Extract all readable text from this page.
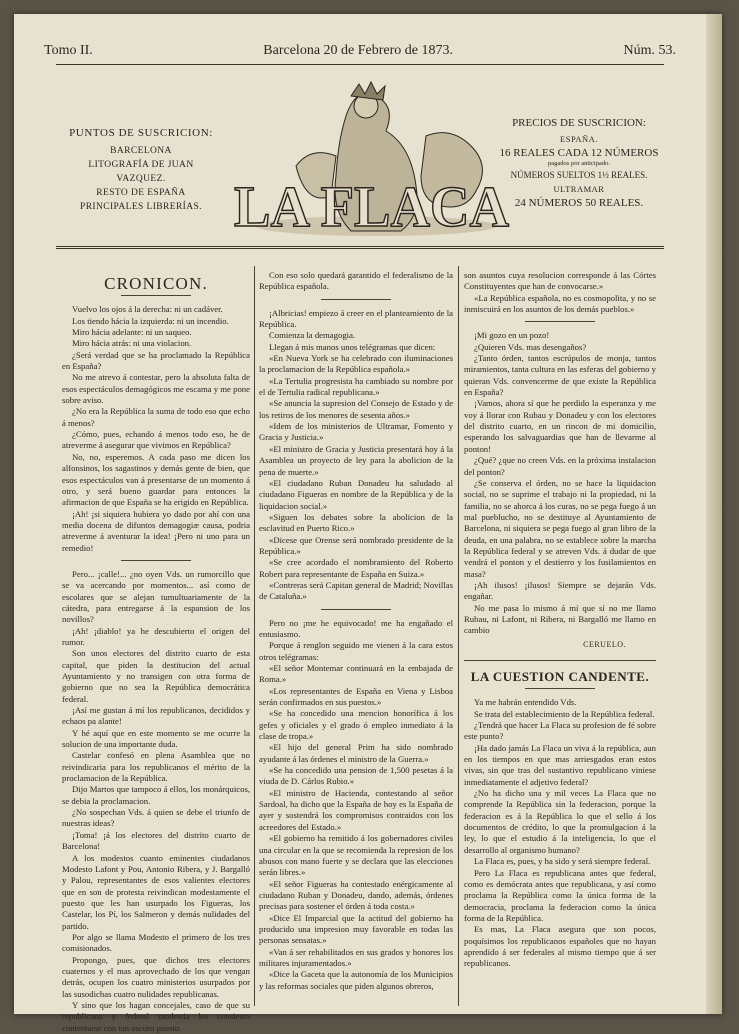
Tomo II.	Barcelona 20 de Febrero de 1873.	Núm. 53.
PUNTOS DE SUSCRICION:
BARCELONA
LITOGRAFÍA DE JUAN VAZQUEZ.
RESTO DE ESPAÑA
PRINCIPALES LIBRERÍAS. LA FLACA
PRECIOS DE SUSCRICION:
ESPAÑA.
16 REALES CADA 12 NÚMEROS
pagados por anticipado.
NÚMEROS SUELTOS 1½ REALES.
ULTRAMAR
24 NÚMEROS 50 REALES.
CRONICON.

Vuelvo los ojos á la derecha: ni un cadáver.

Los tiendo hácia la izquierda: ni un incendio.

Miro hácia adelante: ni un saqueo.

Miro hácia atrás: ni una violacion.

¿Será verdad que se ha proclamado la República en España?

No me atrevo á contestar, pero la absoluta falta de esos espectáculos demagógicos me escama y me pone sobre aviso.

¿No era la República la suma de todo eso que echo á menos?

¿Cómo, pues, echando á menos todo eso, he de atreverme á asegurar que vivimos en República?

No, no, esperemos. A cada paso me dicen los alfonsinos, los sagastinos y demás gente de bien, que esos espectáculos van á presentarse de un momento á otro, y será bueno guardar para entonces la afirmacion de que España se ha erigido en República.

¡Ah! ¡si siquiera hubiera yo dado por ahí con una media docena de difuntos demagogiæ causa, podria atreverme á aventurar la idea! ¡Pero ni uno para un remedio!

Pero... ¡calle!... ¿no oyen Vds. un rumorcillo que se va acercando por momentos... así como de escolares que se alejan tumultuariamente de la cátedra, para entregarse á la espansion de los novillos?

¡Ah! ¡diablo! ya he descubierto el origen del rumor.

Son unos electores del distrito cuarto de esta capital, que piden la destitucion del actual Ayuntamiento y no transigen con otra forma de gobierno que no sea la República democrática federal.

¡Así me gustan á mí los republicanos, decididos y echaos pa alante!

Y hé aquí que en este momento se me ocurre la solucion de una importante duda.

Castelar confesó en plena Asamblea que no reivindicaria para los republicanos el mérito de la proclamacion de la República.

Dijo Martos que tampoco á ellos, los monárquicos, se debia la proclamacion.

¿No sospechan Vds. á quien se debe el triunfo de nuestras ideas?

¡Toma! ¡á los electores del distrito cuarto de Barcelona!

A los modestos cuanto eminentes ciudadanos Modesto Lafont y Pou, Antonio Ribera, y J. Bargalló y Palou, representantes de esos valientes electores que en son de protesta reivindican modestamente el puesto que les han usurpado los Figueras, los Castelar, los Pí, los Salmeron y demás nulidades del partido.

Por algo se llama Modesto el primero de los tres comisionados.

Propongo, pues, que dichos tres electores cuaternos y el mas aprovechado de los que vengan detrás, ocupen los cuatro ministerios usurpados por las susodichas cuatro nulidades republicanas.

Y sino que los hagan concejales, caso de que su republicana y federal modestia les consienta contentarse con tan oscuro puesto.

Con eso solo quedará garantido el federalismo de la República española.

¡Albricias! empiezo á creer en el planteamiento de la República.

Comienza la demagogia.

Llegan á mis manos unos telégramas que dicen:

«En Nueva York se ha celebrado con iluminaciones la proclamacion de la República española.»

«La Tertulia progresista ha cambiado su nombre por el de Tertulia radical republicana.»

«Se anuncia la supresion del Consejo de Estado y de los retiros de los menores de sesenta años.»

«Idem de los ministerios de Ultramar, Fomento y Gracia y Justicia.»

«El ministro de Gracia y Justicia presentará hoy á la Asamblea un proyecto de ley para la abolicion de la pena de muerte.»

«El ciudadano Ruban Donadeu ha saludado al ciudadano Figueras en nombre de la República y de la liquidacion social.»

«Siguen los debates sobre la abolicion de la esclavitud en Puerto Rico.»

«Dicese que Orense será nombrado presidente de la República.»

«Se cree acordado el nombramiento del Roberto Robert para representante de España en Suiza.»

«Contreras será Capitan general de Madrid; Novillas de Cataluña.»

Pero no ¡me he equivocado! me ha engañado el entusiasmo.

Porque á renglon seguido me vienen á la cara estos otros telégramas:

«El señor Montemar continuará en la embajada de Roma.»

«Los representantes de España en Viena y Lisboa serán confirmados en sus puestos.»

«Se ha concedido una mencion honorífica á los gefes y oficiales y el grado ó empleo inmediato á la clase de tropa.»

«El hijo del general Prim ha sido nombrado ayudante á las órdenes el ministro de la Guerra.»

«Se ha concedido una pension de 1,500 pesetas á la viuda de D. Cárlos Rubio.»

«El ministro de Hacienda, contestando al señor Sardoal, ha dicho que la España de hoy es la España de ayer y sostendrá los compromisos contraidos con los acreedores del Estado.»

«El gobierno ha remitido á los gobernadores civiles una circular en la que se recomienda la represion de los abusos con mano fuerte y se declara que las elecciones serán libres.»

«El señor Figueras ha contestado enérgicamente al ciudadano Ruban y Donadeu, dando, además, órdenes precisas para sostener el órden á toda costa.»

«Dice El Imparcial que la actitud del gobierno ha producido una impresion muy favorable en todas las personas sensatas.»

«Van á ser rehabilitados en sus grados y honores los militares injuramentados.»

«Dice la Gaceta que la autonomía de los Municipios y las reformas sociales que piden algunos obreros,

son asuntos cuya resolucion corresponde á las Córtes Constituyentes que han de convocarse.»

«La República española, no es cosmopolita, y no se inmiscuirá en los asuntos de los demás pueblos.»

¡Mi gozo en un pozo!

¿Quieren Vds. mas desengaños?

¿Tanto órden, tantos escrúpulos de monja, tantos miramientos, tanta cultura en las esferas del gobierno y quieran Vds. convencerme de que existe la República en España?

¡Vamos, ahora sí que he perdido la esperanza y me voy á llorar con Rubau y Donadeu y con los electores del distrito cuarto, en un rincon de mi domicilio, esperando los salvaguardias que han de llevarme al ponton!

¿Qué? ¿que no creen Vds. en la próxima instalacion del ponton?

¿Se conserva el órden, no se hace la liquidacion social, no se suprime el trabajo ni la propiedad, ni la familia, no se ahorca á los curas, no se pega fuego á un mal pueblucho, no se destituye al Ayuntamiento de Barcelona, ni siquiera se pega fuego al gran libro de la deuda, en una palabra, no se establece sobre la marcha la República federal y se atreven Vds. á dudar de que vendrá el ponton y el destierro y los fusilamientos en masa?

¡Ah ilusos! ¡ilusos! Siempre se dejarán Vds. engañar.

No me pasa lo mismo á mí que sí no me llamo Rubau, ni Lafont, ni Ribera, ni Bargalló me llamo en cambio

CERUELO.

LA CUESTION CANDENTE.

Ya me habrán entendido Vds.

Se trata del establecimiento de la República federal.

¿Tendrá que hacer La Flaca su profesion de fé sobre este punto?

¡Ha dado jamás La Flaca un viva á la república, aun en los tiempos en que mas arriesgados eran estos vivas, sin que tras del sustantivo republicano viniese inmediatamente el adjetivo federal?

¿No ha dicho una y mil veces La Flaca que no comprende la República sin la federacion, porque la federacion es á la República lo que el sello á los documentos de crédito, lo que la promulgacion á la ley, lo que el estudio á la inteligencia, lo que el desarrollo al organismo humano?

La Flaca es, pues, y ha sido y será siempre federal.

Pero La Flaca es republicana antes que federal, como es demócrata antes que republicana, y así como proclama la República como la única forma de la democracia, proclama la federacion como la única forma de la República.

Es mas, La Flaca asegura que son pocos, poquísimos los republicanos españoles que no hayan aprendido á ser federales al mismo tiempo que á ser republicanos.
